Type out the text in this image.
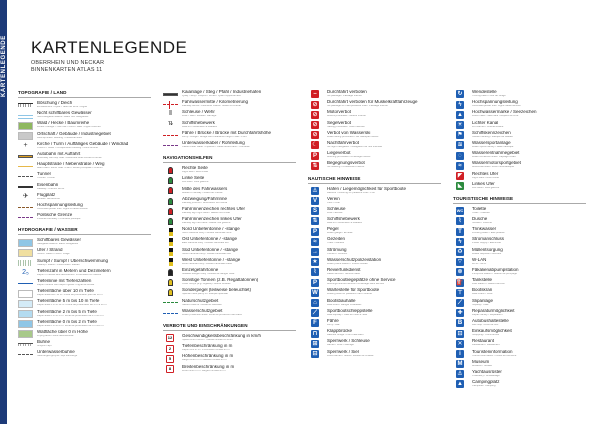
KARTENLEGENDE KARTENLEGENDE
OBERRHEIN UND NECKAR
BINNENKARTEN ATLAS 11
TOPOGRAFIE / LAND
Böschung / Deich
Embankment / Dyke / Talus de terre / Digue
Nicht schiffbares Gewässer
Non-navigable waters / Eaux non navigables
Wald / Hecke / Baumreihe
Forest / Hedge / Tree row / Forêt / Haie / Ligne d'arbres
Ortschaft / Gebäude / Industriegebiet
Built-up area / Building / Industrial area
+	Kirche / Turm / Auffälliges Gebäude / Windrad
Church / Tower / Conspicuous building / Wind turbine
Autobahn mit Auffahrt
Motorway with slip road / Autoroute avec entrée et sortie
Hauptstraße / Nebenstraße / Weg
Main road / Minor road / Path / Route principale / Chemin
Tunnel
Tunnel / Tunnel
Eisenbahn
Railway / Chemin de fer
✈	Flugplatz
Airfield / Aérodrome
Hochspannungsleitung
Overhead power line / Ligne à haute tension
Politische Grenze
Political boundary / Frontière politique
HYDROGRAFIE / WASSER
Schiffbares Gewässer
Navigable waters / Eaux navigables
Ufer / Strand
Shore / Beach / Rive / Plage
Sumpf / Sumpf / Überschwemmung
Swamp / Marsh / Flood area / Marais
2₅	Tiefenzahl in Metern und Dezimetern
Depth in metres and decimetres / Profondeur en mètres
Tiefenlinie mit Tiefenzahlen
Depth contour with depth figures / Ligne de sonde
Tiefenfläche über 10 m Tiefe
Depth area over 10 m / Zone de profondeur plus de 10 m
Tiefenfläche 5 m bis 10 m Tiefe
Depth area 5 m to 10 m / Zone de profondeur de 5 m à 10 m
Tiefenfläche 2 m bis 5 m Tiefe
Depth area 2 m to 5 m / Zone de profondeur de 2 m à 5 m
Tiefenfläche 0 m bis 2 m Tiefe
Depth area 0 m to 2 m / Zone de profondeur de 0 m à 2 m
Watfläche über 0 m Höhe
Drying area / Zone découvrante
Buhne
Groyne / Épi
Unterwasserbuhne
Submerged groyne / Épi submergé
Kaianlage / Steg / Pfahl / Industriehafen
Quay / Jetty / Dolphin / Wharf / Quai / Appontement
Fahrwassermitte / Kilometrierung
Fairway centre / Kilometre marks / Milieu du chenal
⫴	Schleuse / Wehr
Lock / Weir / Écluse / Barrage
⇅	Schiffshebewerk
Boat lift / Ascenseur à bateaux
Fähre / Brücke / Brücke mit Durchfahrtshöhe
Ferry / Bridge / Bridge with clearance height / Bac / Pont
Unterwasserkabel / Rohrleitung
Cable under water / Pipeline / Câble sous-marin / Conduite
NAVIGATIONSHILFEN
Rechte Seite
Right side / Rive droite
Linke Seite
Left side / Rive gauche
Mitte des Fahrwassers
Middle of fairway / Milieu du chenal
Abzweigung/Fahrrinne
Fairway junction / Bifurcation du chenal
Fahrrinnenzeichen rechtes Ufer
Fairway sign right bank / Balise rive droite
Fahrrinnenzeichen linkes Ufer
Fairway sign left bank / Balise rive gauche
Nord Untiefentonne / -stange
North cardinal buoy / Bouée cardinale nord
Ost Untiefentonne / -stange
East cardinal buoy / Bouée cardinale est
Süd Untiefentonne / -stange
South cardinal buoy / Bouée cardinale sud
West Untiefentonne / -stange
West cardinal buoy / Bouée cardinale ouest
Einzelgefahrtonne
Isolated danger buoy / Bouée de danger isolé
Sonstige Tonnen (z.B. Regattatonnen)
Other buoys (e.g. regatta) / Autres bouées
Sonderpegel (teilweise beleuchtet)
Special mark partly lit / Marque spéciale
Naturschutzgebiet
Nature reserve / Réserve naturelle
Wasserschutzgebiet
Water protection area / Zone de protection des eaux
VERBOTE UND EINSCHRÄNKUNGEN
12	Geschwindigkeitsbeschränkung in km/h
Speed limit in km/h / Vitesse limitée en km/h
2	Tiefenbeschränkung in m
Depth limit in m / Profondeur limitée en m
5	Höhenbeschränkung in m
Height limit in m / Hauteur limitée en m
8	Breitenbeschränkung in m
Width limit in m / Largeur limitée en m
–	Durchfahrt verboten
No passage / Passage interdit
⊘	Durchfahrt verboten für Muskelkraftfahrzeuge
No passage for man-powered craft / Passage interdit
⊘	Motorverbot
Motors prohibited / Moteur interdit
⊘	Segelverbot
Sailing prohibited / Voile interdite
⊘	Verbot von Wasserski
Water-skiing prohibited / Ski nautique interdit
☾ Nachtfahrverbot
No night navigation / Navigation de nuit interdite
P	Liegeverbot
Mooring prohibited / Amarrage interdit
⇅	Begegnungsverbot
No meeting / Croisement interdit
NAUTISCHE HINWEISE
⚓ Hafen / Liegemöglichkeit für Sportboote
Harbour / Mooring for pleasure craft / Port
V	Verein
Club / Club
S	Schleuse
Lock / Écluse
⇅	Schiffshebewerk
Boat lift / Ascenseur à bateaux
P	Pegel
Water gauge / Échelle
≈	Gezeiten
Tides / Marées
→ Strömung
Current / Courant
★ Wasserschutzpolizeistation
Water police station / Police fluviale
⌇	Revierfunkdienst
Radio service / Service radio
P	Sportbootliegeplätze ohne Service
Moorings without service / Amarrage sans service
W Wartestelle für Sportboote
Waiting area for pleasure craft / Attente
⌂	Bootsbauhalle
Boat shed / Hangar à bateaux
⟋	Sportbootschleppstelle
Boat slipway / Cale de mise à l'eau
F	Fähre
Ferry / Bac
⊓	Klappbrücke
Bascule bridge / Pont basculant
⊞	Sperrwerk / Schleuse
Barrier / Lock / Barrage
⊟	Sperrwerk / Siel
Flood barrier / Sluice / Écluse de chasse
↻	Wendestelle
Turning basin / Aire de virage
ϟ	Hochspannungsleitung
Overhead power line / Ligne haute tension
▲ Hochwassermarke / Seezeichen
Flood mark / Sea mark / Repère de crue
☀ Lichter Kanal
Lit channel / Chenal éclairé
⚑ Schiffskennzeichen
Vessel marking / Marque de bateau
≋	Wassersportanlage
Water sports facility / Base nautique
◌	Wasserentnahmegebiet
Water extraction area / Captage d'eau
≈	Wassermotorsportgebiet
Motorboat area / Zone motonautique
◤	Rechtes Ufer
Right bank / Rive droite
◣	Linkes Ufer
Left bank / Rive gauche
TOURISTISCHE HINWEISE
WC Toilette
Toilet / Toilettes
⌇	Dusche
Shower / Douche
T	Trinkwasser
Drinking water / Eau potable
ϟ	Stromanschluss
Power supply / Électricité
♻ Müllentsorgung
Waste disposal / Déchets
⌔ W-LAN
Wi-Fi / Wi-Fi
⊗	Fäkalienabpumpstation
Pump-out station / Station de pompage
⛽ Tankstelle
Fuel station / Station-service
⊤ Bootskran
Boat crane / Grue
⟋	Slipanlage
Slipway / Cale
✚	Reparaturmöglichkeit
Repair facility / Réparation
B	Autobushaltestelle
Bus stop / Arrêt de bus
⊡	Einkaufsmöglichkeit
Shopping / Commerces
✕	Restaurant
Restaurant / Restaurant
i	Touristeninformation
Tourist information / Office de tourisme
M	Museum
Museum / Musée
⚓ Yachtausrüster
Chandlery / Accastillage
▲ Campingplatz
Campsite / Camping
